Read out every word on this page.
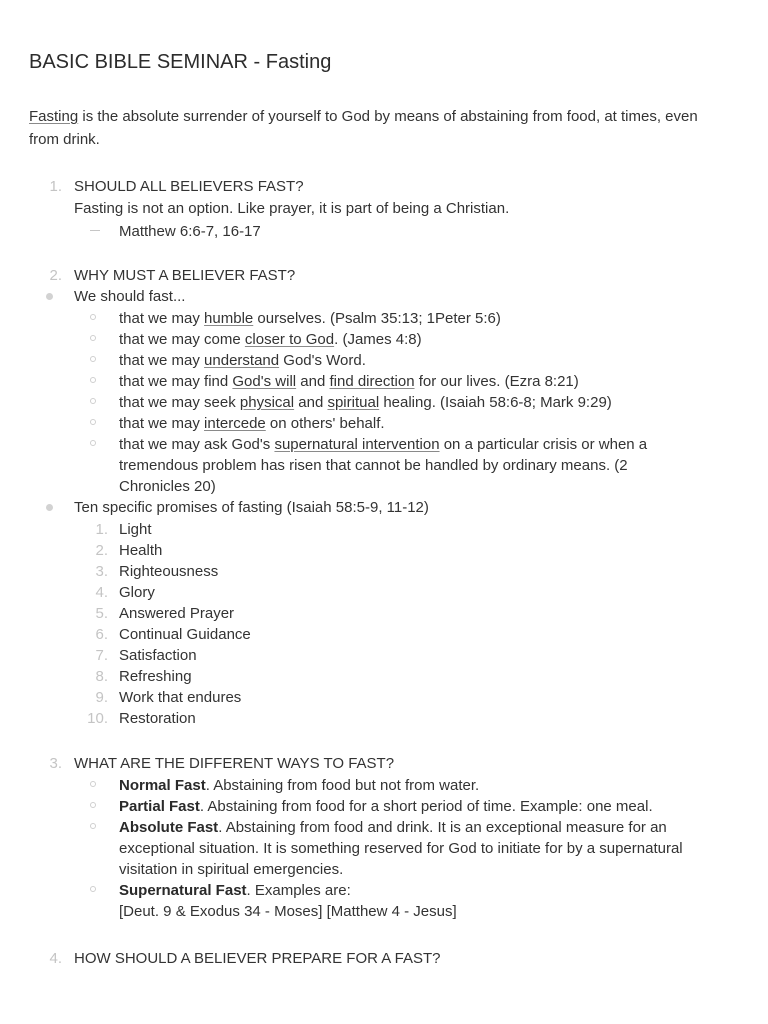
BASIC BIBLE SEMINAR - Fasting

Fasting is the absolute surrender of yourself to God by means of abstaining from food, at times, even from drink.

1. SHOULD ALL BELIEVERS FAST?
Fasting is not an option. Like prayer, it is part of being a Christian.
Matthew 6:6-7, 16-17
2. WHY MUST A BELIEVER FAST?
We should fast...
that we may humble ourselves. (Psalm 35:13; 1Peter 5:6)
that we may come closer to God. (James 4:8)
that we may understand God's Word.
that we may find God's will and find direction for our lives. (Ezra 8:21)
that we may seek physical and spiritual healing. (Isaiah 58:6-8; Mark 9:29)
that we may intercede on others' behalf.
that we may ask God's supernatural intervention on a particular crisis or when a tremendous problem has risen that cannot be handled by ordinary means. (2 Chronicles 20)
Ten specific promises of fasting (Isaiah 58:5-9, 11-12)
1. Light
2. Health
3. Righteousness
4. Glory
5. Answered Prayer
6. Continual Guidance
7. Satisfaction
8. Refreshing
9. Work that endures
10. Restoration
3. WHAT ARE THE DIFFERENT WAYS TO FAST?
Normal Fast. Abstaining from food but not from water.
Partial Fast. Abstaining from food for a short period of time. Example: one meal.
Absolute Fast. Abstaining from food and drink. It is an exceptional measure for an exceptional situation. It is something reserved for God to initiate for by a supernatural visitation in spiritual emergencies.
Supernatural Fast. Examples are:
[Deut. 9 & Exodus 34 - Moses] [Matthew 4 - Jesus]
4. HOW SHOULD A BELIEVER PREPARE FOR A FAST?
